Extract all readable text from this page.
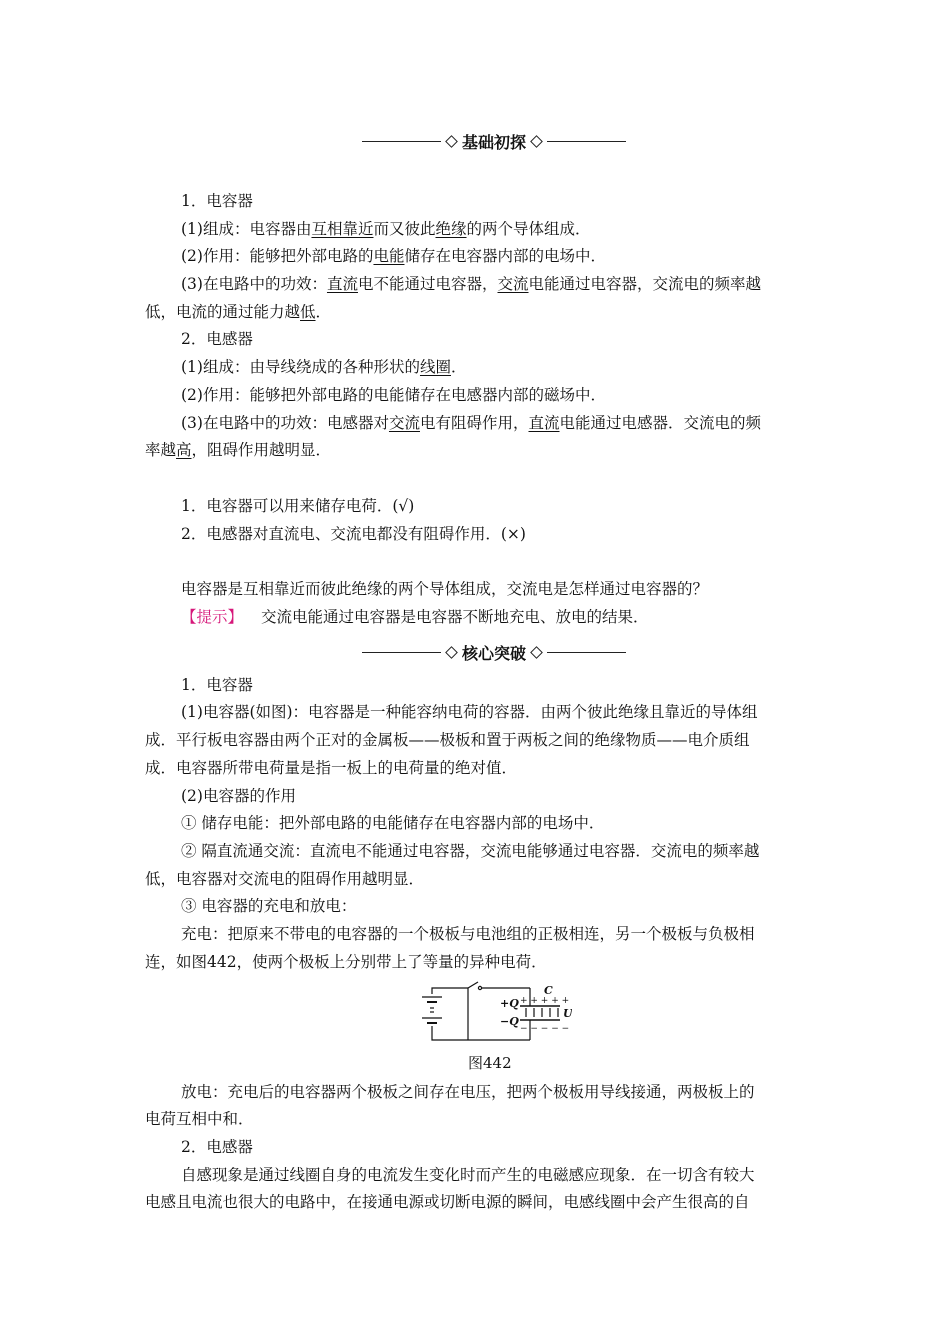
基础初探
1．电容器
(1)组成：电容器由互相靠近而又彼此绝缘的两个导体组成．
(2)作用：能够把外部电路的电能储存在电容器内部的电场中．
(3)在电路中的功效：直流电不能通过电容器，交流电能通过电容器，交流电的频率越
低，电流的通过能力越低．
2．电感器
(1)组成：由导线绕成的各种形状的线圈．
(2)作用：能够把外部电路的电能储存在电感器内部的磁场中．
(3)在电路中的功效：电感器对交流电有阻碍作用，直流电能通过电感器．交流电的频
率越高，阻碍作用越明显．
1．电容器可以用来储存电荷．(√)
2．电感器对直流电、交流电都没有阻碍作用．(×)
电容器是互相靠近而彼此绝缘的两个导体组成，交流电是怎样通过电容器的？
【提示】 交流电能通过电容器是电容器不断地充电、放电的结果．
核心突破
1．电容器
(1)电容器(如图)：电容器是一种能容纳电荷的容器．由两个彼此绝缘且靠近的导体组
成．平行板电容器由两个正对的金属板——极板和置于两板之间的绝缘物质——电介质组
成．电容器所带电荷量是指一板上的电荷量的绝对值．
(2)电容器的作用
① 储存电能：把外部电路的电能储存在电容器内部的电场中．
② 隔直流通交流：直流电不能通过电容器，交流电能够通过电容器．交流电的频率越
低，电容器对交流电的阻碍作用越明显．
③ 电容器的充电和放电：
充电：把原来不带电的电容器的一个极板与电池组的正极相连，另一个极板与负极相
连，如图442，使两个极板上分别带上了等量的异种电荷．
+ + + + +
− − − − −
+Q
−Q
C
U
图442
放电：充电后的电容器两个极板之间存在电压，把两个极板用导线接通，两极板上的
电荷互相中和．
2．电感器
自感现象是通过线圈自身的电流发生变化时而产生的电磁感应现象．在一切含有较大
电感且电流也很大的电路中，在接通电源或切断电源的瞬间，电感线圈中会产生很高的自
